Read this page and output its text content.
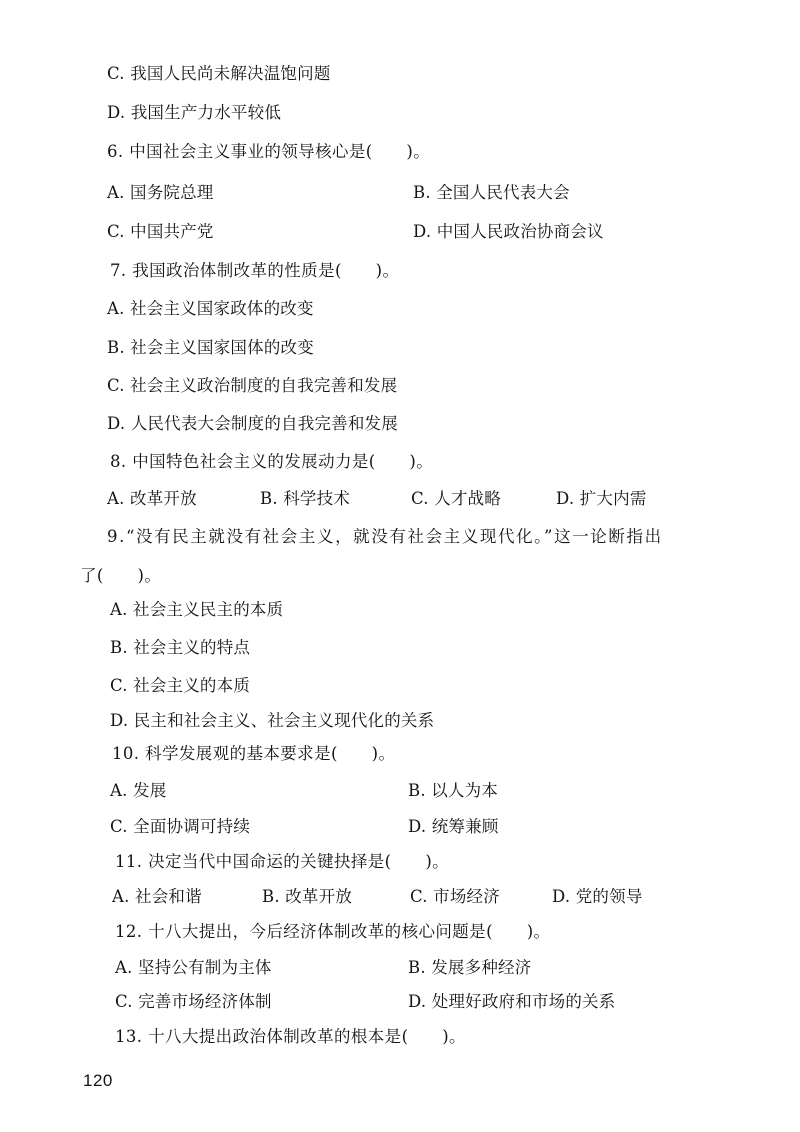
C. 我国人民尚未解决温饱问题
D. 我国生产力水平较低
6. 中国社会主义事业的领导核心是(　　)。
A. 国务院总理	B. 全国人民代表大会
C. 中国共产党	D. 中国人民政治协商会议
7. 我国政治体制改革的性质是(　　)。
A. 社会主义国家政体的改变
B. 社会主义国家国体的改变
C. 社会主义政治制度的自我完善和发展
D. 人民代表大会制度的自我完善和发展
8. 中国特色社会主义的发展动力是(　　)。
A. 改革开放	B. 科学技术	C. 人才战略	D. 扩大内需
9.“没有民主就没有社会主义，就没有社会主义现代化。”这一论断指出
了(　　)。
A. 社会主义民主的本质
B. 社会主义的特点
C. 社会主义的本质
D. 民主和社会主义、社会主义现代化的关系
10. 科学发展观的基本要求是(　　)。
A. 发展	B. 以人为本
C. 全面协调可持续	D. 统筹兼顾
11. 决定当代中国命运的关键抉择是(　　)。
A. 社会和谐	B. 改革开放	C. 市场经济	D. 党的领导
12. 十八大提出，今后经济体制改革的核心问题是(　　)。
A. 坚持公有制为主体	B. 发展多种经济
C. 完善市场经济体制	D. 处理好政府和市场的关系
13. 十八大提出政治体制改革的根本是(　　)。
120
